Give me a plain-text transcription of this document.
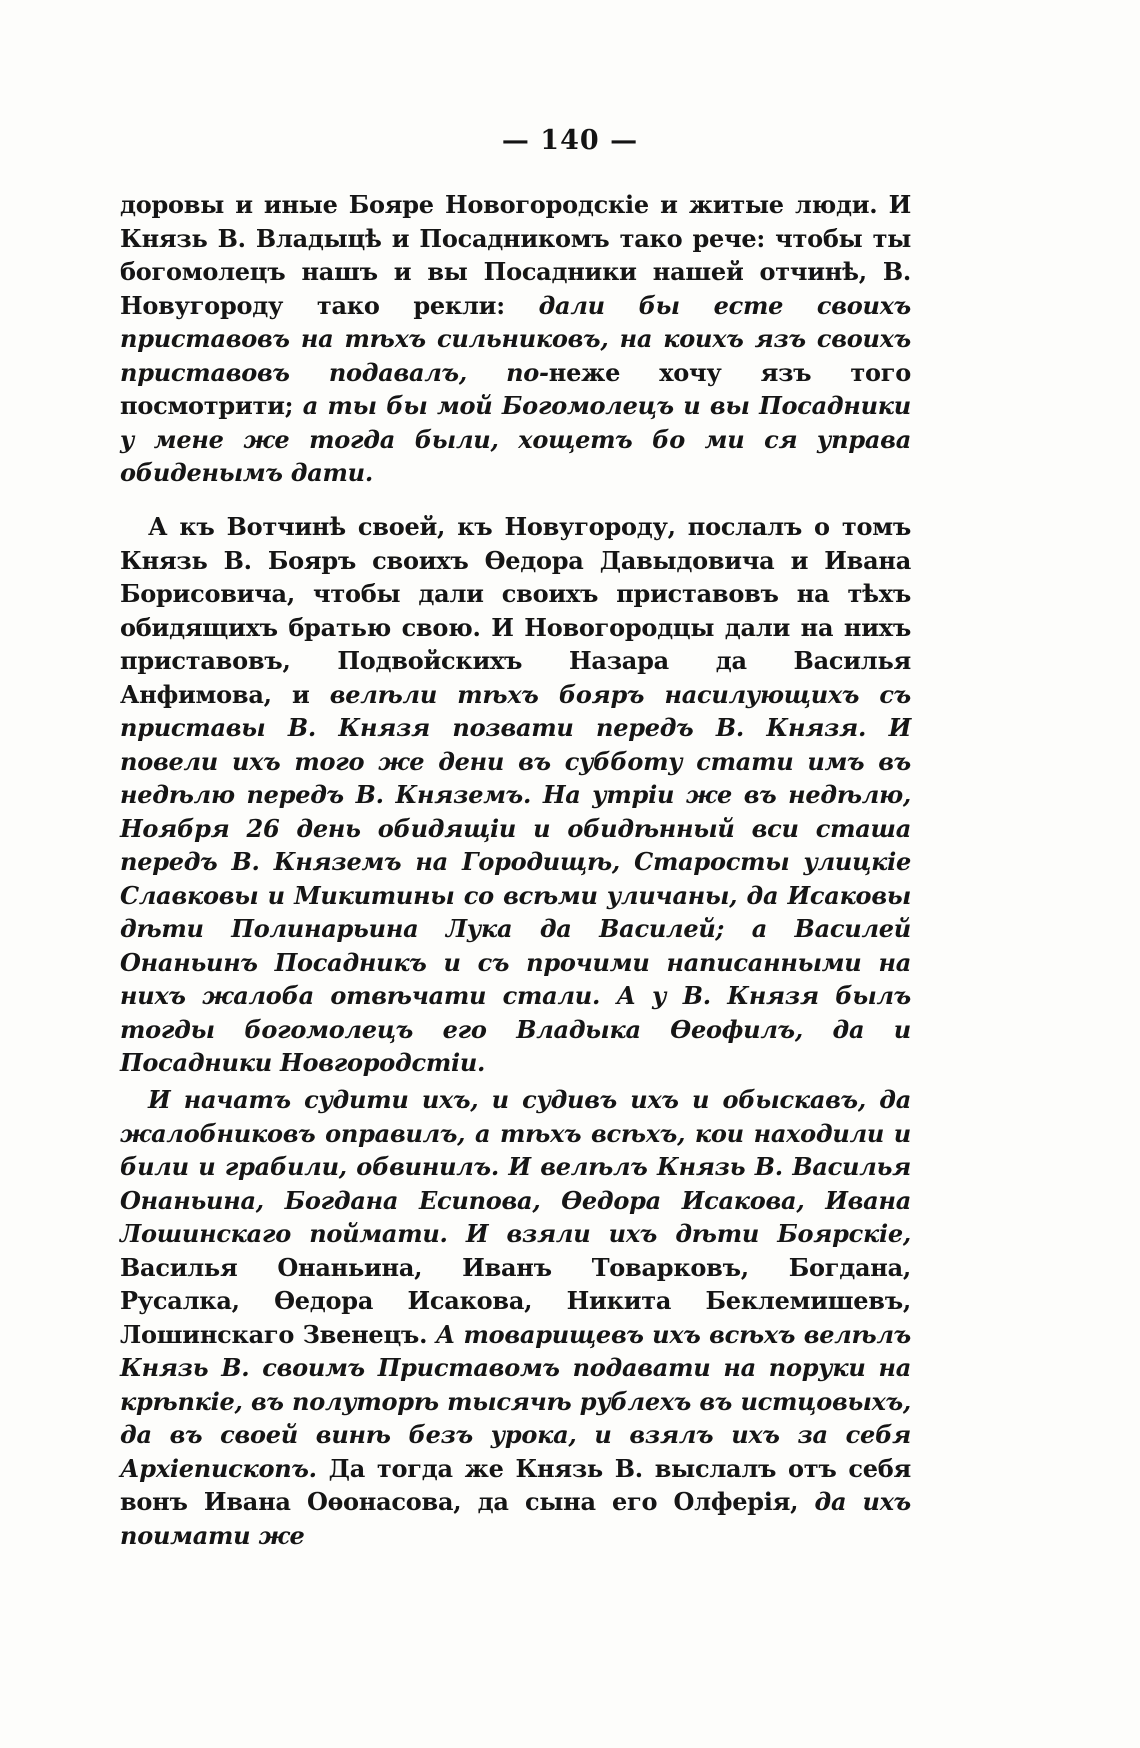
— 140 —

доровы и иные Бояре Новогородскіе и житые люди. И Князь В. Владыцѣ и Посадникомъ тако рече: чтобы ты богомолецъ нашъ и вы Посадники нашей отчинѣ, В. Новугороду тако рекли: дали бы есте своихъ приставовъ на тѣхъ сильниковъ, на коихъ язъ своихъ приставовъ подавалъ, по-неже хочу язъ того посмотрити; а ты бы мой Богомолецъ и вы Посадники у мене же тогда были, хощетъ бо ми ся управа обиденымъ дати.

А къ Вотчинѣ своей, къ Новугороду, послалъ о томъ Князь В. Бояръ своихъ Ѳедора Давыдовича и Ивана Борисовича, чтобы дали своихъ приставовъ на тѣхъ обидящихъ братью свою. И Новогородцы дали на нихъ приставовъ, Подвойскихъ Назара да Василья Анфимова, и велѣли тѣхъ бояръ насилующихъ съ приставы В. Князя позвати передъ В. Князя. И повели ихъ того же дени въ субботу стати имъ въ недѣлю передъ В. Княземъ. На утріи же въ недѣлю, Ноября 26 день обидящіи и обидѣнный вси сташа передъ В. Княземъ на Городищѣ, Старосты улицкіе Славковы и Микитины со всѣми уличаны, да Исаковы дѣти Полинарьина Лука да Василей; а Василей Онаньинъ Посадникъ и съ прочими написанными на нихъ жалоба отвѣчати стали. А у В. Князя былъ тогды богомолецъ его Владыка Ѳеофилъ, да и Посадники Новгородстіи.

И начатъ судити ихъ, и судивъ ихъ и обыскавъ, да жалобниковъ оправилъ, а тѣхъ всѣхъ, кои находили и били и грабили, обвинилъ. И велѣлъ Князь В. Василья Онаньина, Богдана Есипова, Ѳедора Исакова, Ивана Лошинскаго поймати. И взяли ихъ дѣти Боярскіе, Василья Онаньина, Иванъ Товарковъ, Богдана, Русалка, Ѳедора Исакова, Никита Беклемишевъ, Лошинскаго Звенецъ. А товарищевъ ихъ всѣхъ велѣлъ Князь В. своимъ Приставомъ подавати на поруки на крѣпкіе, въ полуторѣ тысячѣ рублехъ въ истцовыхъ, да въ своей винѣ безъ урока, и взялъ ихъ за себя Архіепископъ. Да тогда же Князь В. выслалъ отъ себя вонъ Ивана Оѳонасова, да сына его Олферія, да ихъ поимати же
